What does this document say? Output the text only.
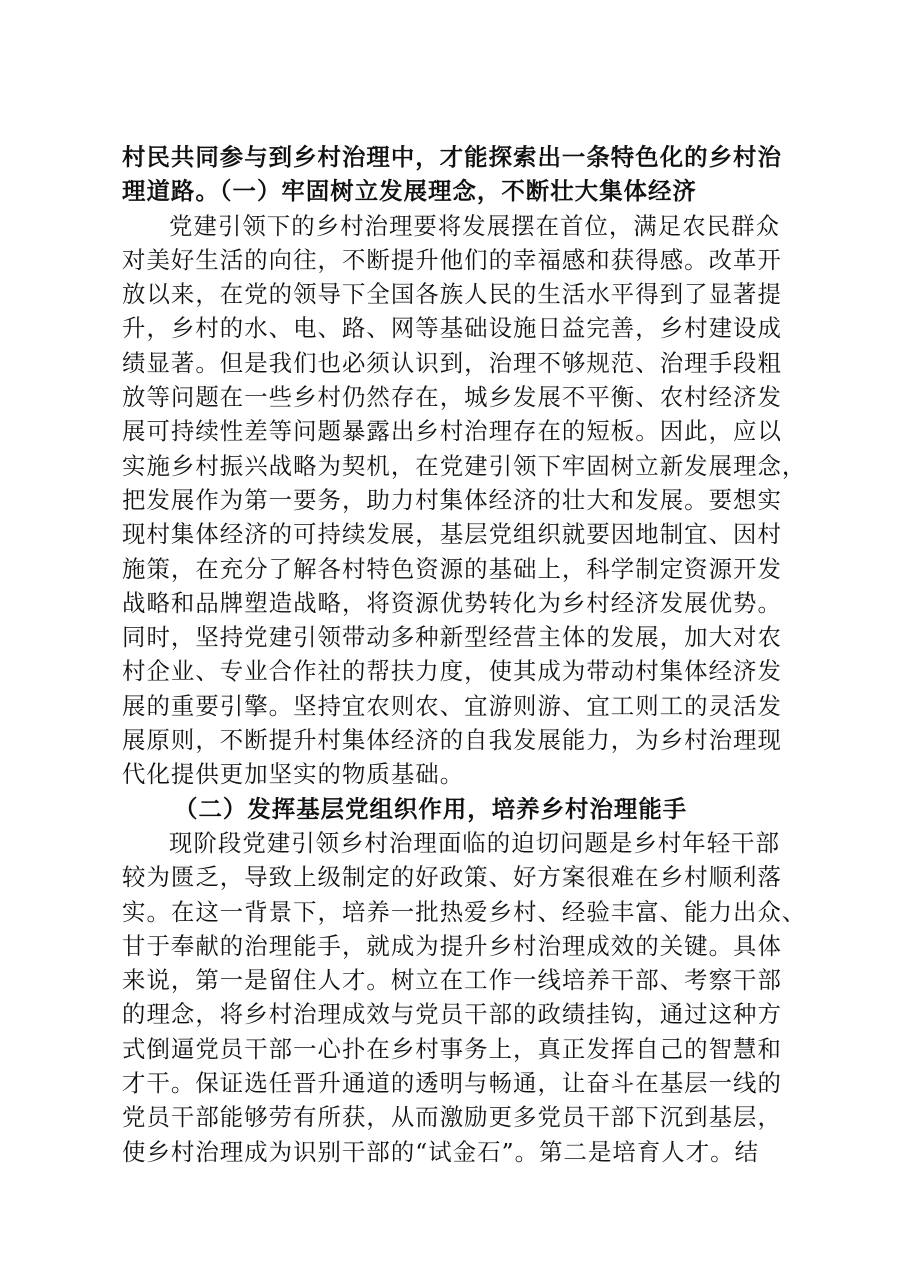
村民共同参与到乡村治理中，才能探索出一条特色化的乡村治
理道路。（一）牢固树立发展理念，不断壮大集体经济
党建引领下的乡村治理要将发展摆在首位，满足农民群众
对美好生活的向往，不断提升他们的幸福感和获得感。改革开
放以来，在党的领导下全国各族人民的生活水平得到了显著提
升，乡村的水、电、路、网等基础设施日益完善，乡村建设成
绩显著。但是我们也必须认识到，治理不够规范、治理手段粗
放等问题在一些乡村仍然存在，城乡发展不平衡、农村经济发
展可持续性差等问题暴露出乡村治理存在的短板。因此，应以
实施乡村振兴战略为契机，在党建引领下牢固树立新发展理念，
把发展作为第一要务，助力村集体经济的壮大和发展。要想实
现村集体经济的可持续发展，基层党组织就要因地制宜、因村
施策，在充分了解各村特色资源的基础上，科学制定资源开发
战略和品牌塑造战略，将资源优势转化为乡村经济发展优势。
同时，坚持党建引领带动多种新型经营主体的发展，加大对农
村企业、专业合作社的帮扶力度，使其成为带动村集体经济发
展的重要引擎。坚持宜农则农、宜游则游、宜工则工的灵活发
展原则，不断提升村集体经济的自我发展能力，为乡村治理现
代化提供更加坚实的物质基础。
（二）发挥基层党组织作用，培养乡村治理能手
现阶段党建引领乡村治理面临的迫切问题是乡村年轻干部
较为匮乏，导致上级制定的好政策、好方案很难在乡村顺利落
实。在这一背景下，培养一批热爱乡村、经验丰富、能力出众、
甘于奉献的治理能手，就成为提升乡村治理成效的关键。具体
来说，第一是留住人才。树立在工作一线培养干部、考察干部
的理念，将乡村治理成效与党员干部的政绩挂钩，通过这种方
式倒逼党员干部一心扑在乡村事务上，真正发挥自己的智慧和
才干。保证选任晋升通道的透明与畅通，让奋斗在基层一线的
党员干部能够劳有所获，从而激励更多党员干部下沉到基层，
使乡村治理成为识别干部的“试金石”。第二是培育人才。结
